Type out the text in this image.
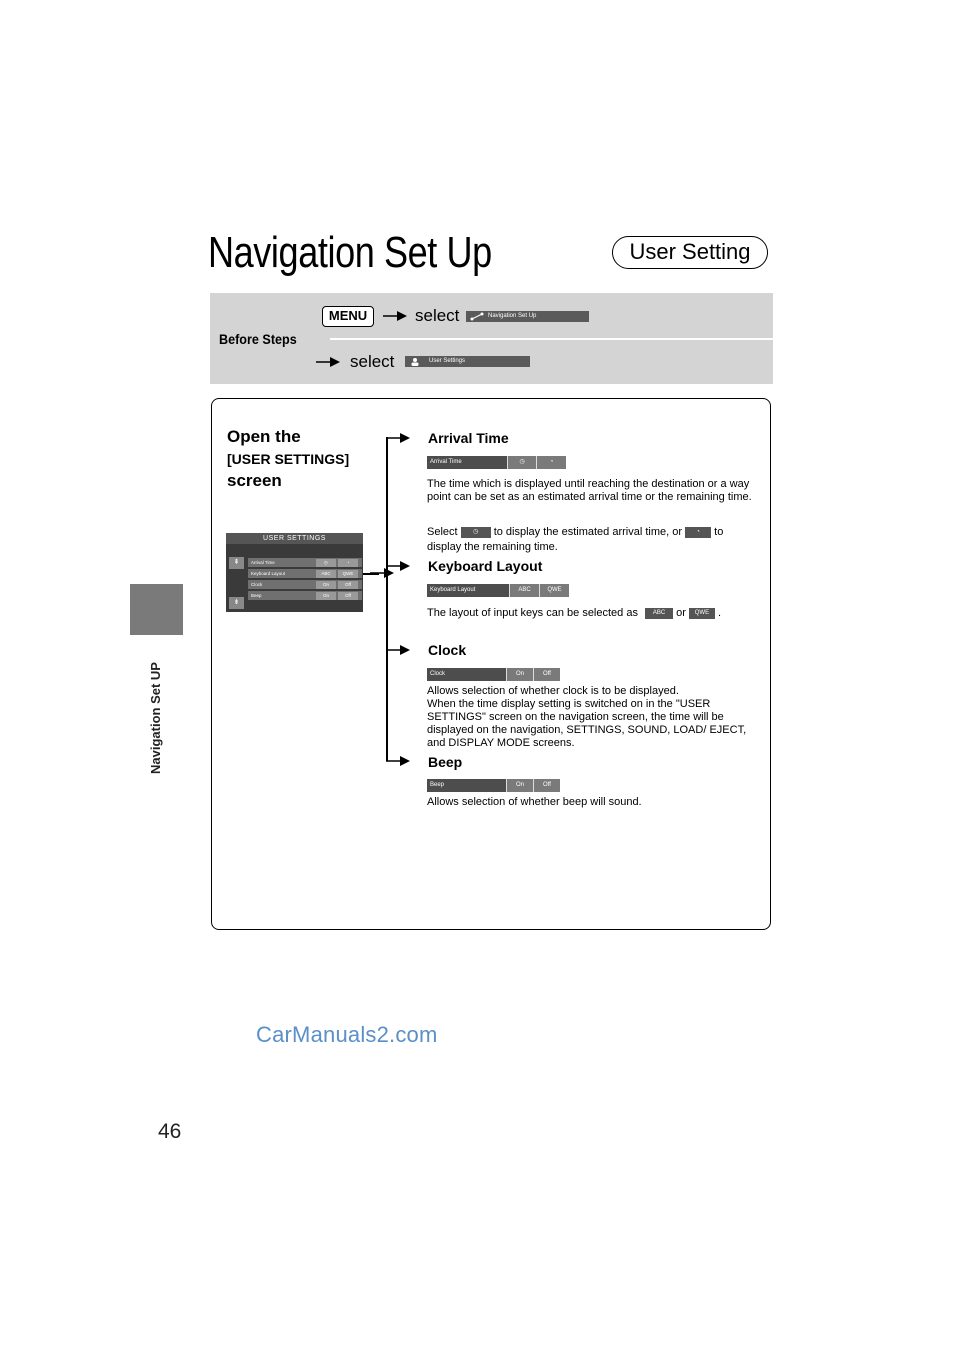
Navigation Set UP
46
Navigation Set Up	User Setting
Before Steps
MENU	select	Navigation Set Up
select	User Settings
Open the
[USER SETTINGS]
screen
USER SETTINGS
⇞
⇟
Arrival Time	◷	◔
Keyboard Layout	ABC	QWE
Clock	On	Off
Beep	On	Off
Arrival Time
Arrival Time	◷	◔
The time which is displayed until reaching the destination or a way point can be set as an estimated arrival time or the remaining time.
Select	◷ to display the estimated arrival time, or ◔ to
display the remaining time.
Keyboard Layout
Keyboard Layout	ABC	QWE
The layout of input keys can be selected as ABC or QWE .
Clock
Clock	On	Off
Allows selection of whether clock is to be displayed.
When the time display setting is switched on in the "USER SETTINGS" screen on the navigation screen, the time will be displayed on the navigation, SETTINGS, SOUND, LOAD/ EJECT, and DISPLAY MODE screens.
Beep
Beep	On	Off
Allows selection of whether beep will sound.
CarManuals2.com
